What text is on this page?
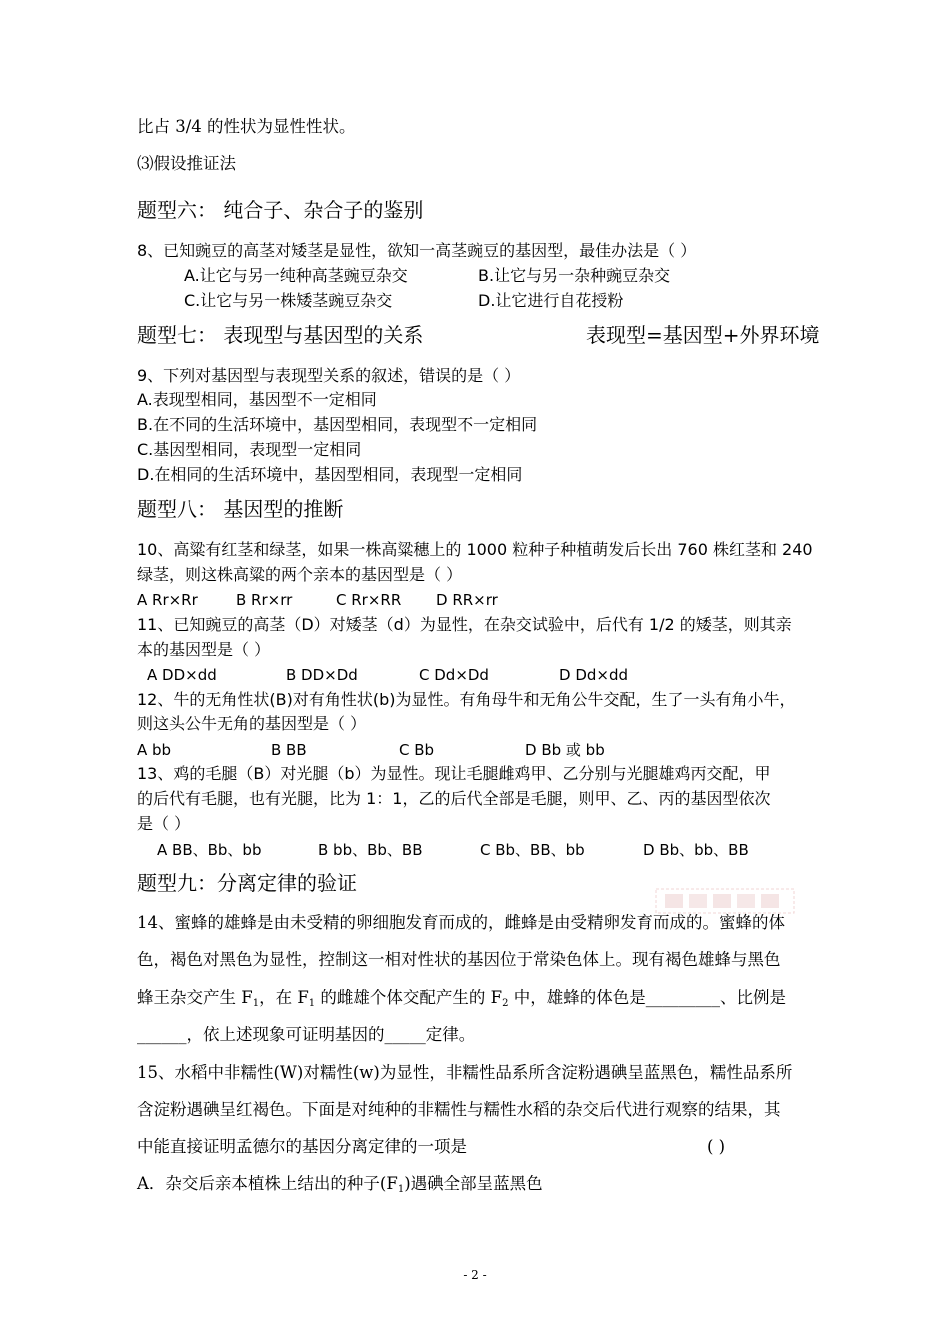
比占 3/4 的性状为显性性状。
⑶假设推证法
题型六： 纯合子、杂合子的鉴别
8、已知豌豆的高茎对矮茎是显性，欲知一高茎豌豆的基因型，最佳办法是（ ）
A.让它与另一纯种高茎豌豆杂交	B.让它与另一杂种豌豆杂交
C.让它与另一株矮茎豌豆杂交	D.让它进行自花授粉
题型七： 表现型与基因型的关系	表现型=基因型+外界环境
9、下列对基因型与表现型关系的叙述，错误的是（ ）
A.表现型相同，基因型不一定相同
B.在不同的生活环境中，基因型相同，表现型不一定相同
C.基因型相同，表现型一定相同
D.在相同的生活环境中，基因型相同，表现型一定相同
题型八： 基因型的推断
10、高粱有红茎和绿茎，如果一株高粱穗上的 1000 粒种子种植萌发后长出 760 株红茎和 240
绿茎，则这株高粱的两个亲本的基因型是（ ）
A Rr×Rr	B Rr×rr	C Rr×RR D RR×rr
11、已知豌豆的高茎（D）对矮茎（d）为显性，在杂交试验中，后代有 1/2 的矮茎，则其亲
本的基因型是（ ）
A DD×dd	B DD×Dd	C Dd×Dd	D Dd×dd
12、牛的无角性状(B)对有角性状(b)为显性。有角母牛和无角公牛交配，生了一头有角小牛，
则这头公牛无角的基因型是（ ）
A bb	B BB	C Bb	D Bb 或 bb
13、鸡的毛腿（B）对光腿（b）为显性。现让毛腿雌鸡甲、乙分别与光腿雄鸡丙交配，甲
的后代有毛腿，也有光腿，比为 1：1，乙的后代全部是毛腿，则甲、乙、丙的基因型依次
是（ ）
A BB、Bb、bb	B bb、Bb、BB	C Bb、BB、bb	D Bb、bb、BB
题型九：分离定律的验证
14、蜜蜂的雄蜂是由未受精的卵细胞发育而成的，雌蜂是由受精卵发育而成的。蜜蜂的体
色，褐色对黑色为显性，控制这一相对性状的基因位于常染色体上。现有褐色雄蜂与黑色
蜂王杂交产生 $F_1$，在 $F_1$ 的雌雄个体交配产生的 $F_2$ 中，雄蜂的体色是_________、比例是
______，依上述现象可证明基因的_____定律。
15、水稻中非糯性(W)对糯性(w)为显性，非糯性品系所含淀粉遇碘呈蓝黑色，糯性品系所
含淀粉遇碘呈红褐色。下面是对纯种的非糯性与糯性水稻的杂交后代进行观察的结果，其
中能直接证明孟德尔的基因分离定律的一项是	( )
A．杂交后亲本植株上结出的种子$(F_1)$遇碘全部呈蓝黑色
- 2 -
